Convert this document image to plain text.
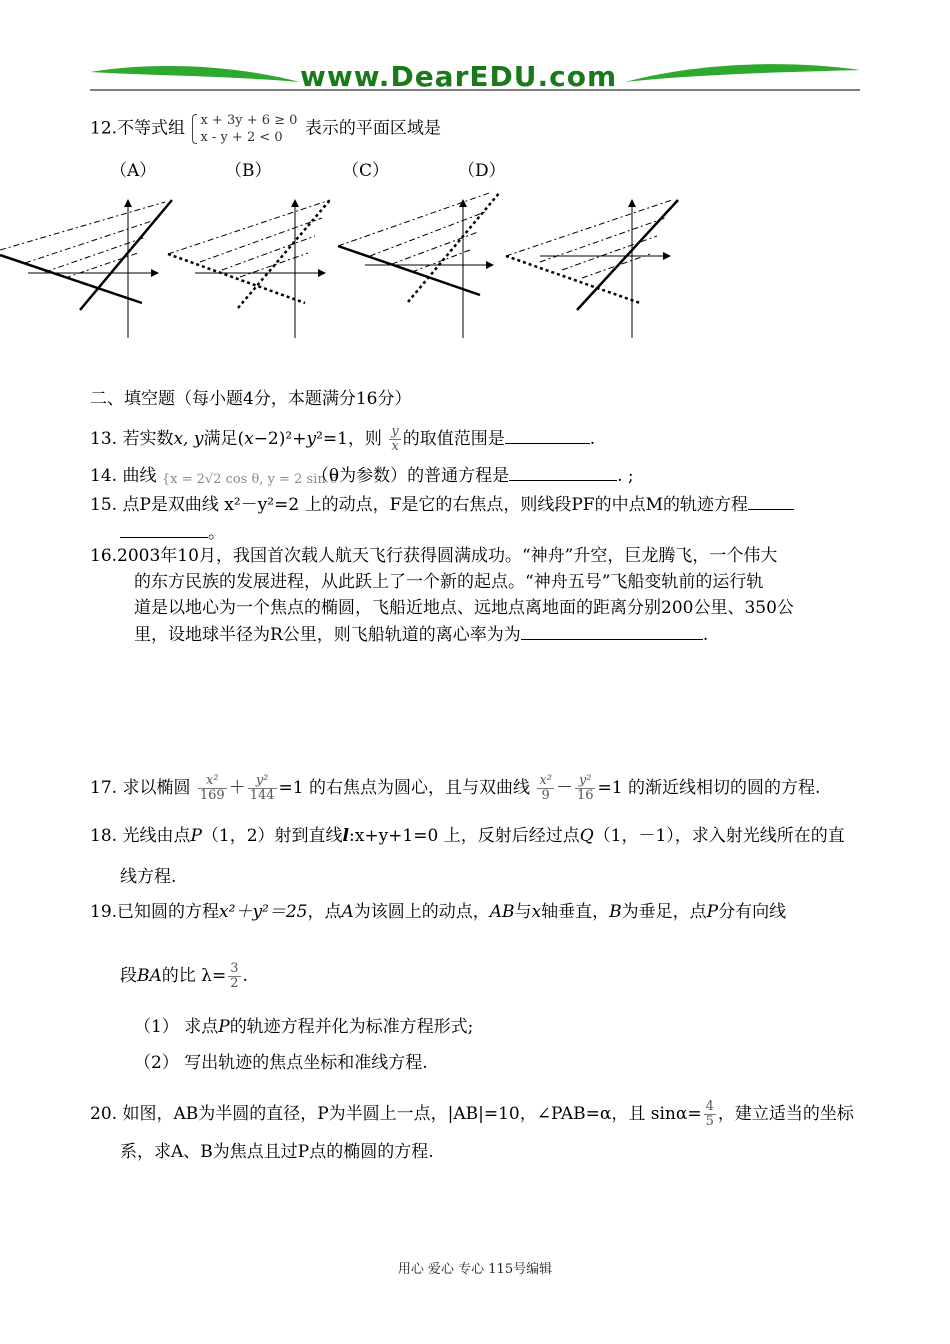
www.DearEDU.com
12.不等式组 x + 3y + 6 ≥ 0
x - y + 2 < 0	表示的平面区域是
（A）	（B）	（C）	（D）
二、填空题（每小题4分，本题满分16分）
13. 若实数x, y满足(x−2)²+y²=1，则 $\frac{y}{x}$ 的取值范围是	.
14. 曲线 {x = 2√2 cos θ, y = 2 sin θ（θ为参数）的普通方程是	. ;
15. 点P是双曲线 x²－y²=2 上的动点，F是它的右焦点，则线段PF的中点M的轨迹方程
。
16.2003年10月，我国首次载人航天飞行获得圆满成功。“神舟”升空，巨龙腾飞，一个伟大
的东方民族的发展进程，从此跃上了一个新的起点。“神舟五号”飞船变轨前的运行轨
道是以地心为一个焦点的椭圆，飞船近地点、远地点离地面的距离分别200公里、350公
里，设地球半径为R公里，则飞船轨道的离心率为为	.
17. 求以椭圆 $\frac{\text{x²}}{169} + \frac{\text{y²}}{144} =1$ 的右焦点为圆心，且与双曲线 $\frac{\text{x²}}{9} - \frac{\text{y²}}{16} =1$ 的渐近线相切的圆的方程.
18. 光线由点P（1，2）射到直线l:x+y+1=0 上，反射后经过点Q（1，－1），求入射光线所在的直
线方程.
19.已知圆的方程x²＋y²＝25，点A为该圆上的动点，AB与x轴垂直，B为垂足，点P分有向线
段BA的比 $\lambda= \frac{3}{2}$ .
（1） 求点P的轨迹方程并化为标准方程形式;
（2） 写出轨迹的焦点坐标和准线方程.
20. 如图，AB为半圆的直径，P为半圆上一点，|AB|=10，∠PAB=α，且 $\sin\alpha= \frac{4}{5}$ ，建立适当的坐标
系，求A、B为焦点且过P点的椭圆的方程.
用心 爱心 专心 115号编辑
